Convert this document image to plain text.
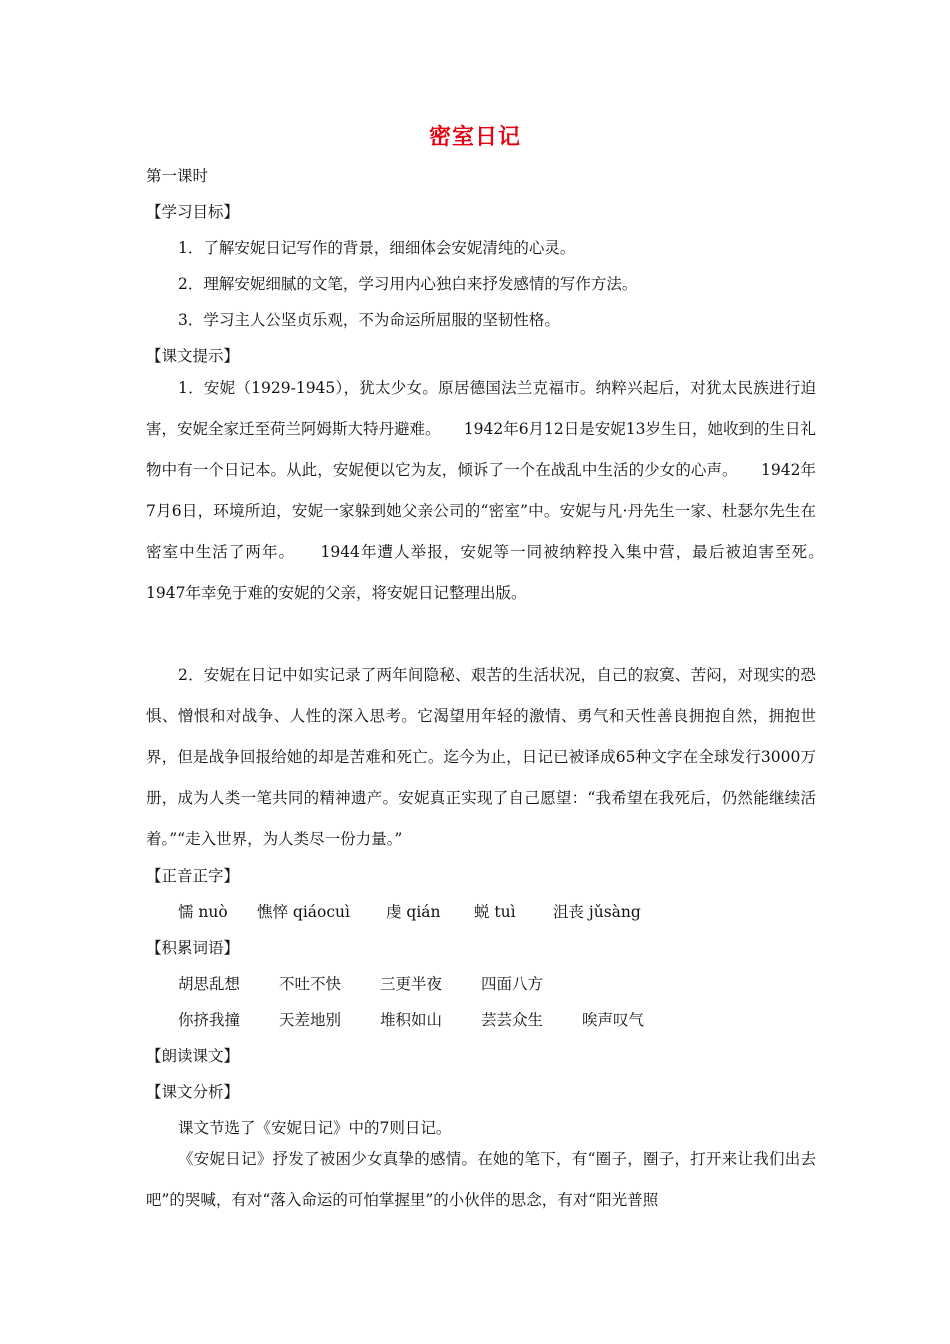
密室日记
第一课时
【学习目标】
1．了解安妮日记写作的背景，细细体会安妮清纯的心灵。
2．理解安妮细腻的文笔，学习用内心独白来抒发感情的写作方法。
3．学习主人公坚贞乐观，不为命运所屈服的坚韧性格。
【课文提示】
1．安妮（1929-1945），犹太少女。原居德国法兰克福市。纳粹兴起后，对犹太民族进行迫害，安妮全家迁至荷兰阿姆斯大特丹避难。　　1942年6月12日是安妮13岁生日，她收到的生日礼物中有一个日记本。从此，安妮便以它为友，倾诉了一个在战乱中生活的少女的心声。　　1942年7月6日，环境所迫，安妮一家躲到她父亲公司的“密室”中。安妮与凡·丹先生一家、杜瑟尔先生在密室中生活了两年。　　1944年遭人举报，安妮等一同被纳粹投入集中营，最后被迫害至死。　　1947年幸免于难的安妮的父亲，将安妮日记整理出版。
2．安妮在日记中如实记录了两年间隐秘、艰苦的生活状况，自己的寂寞、苦闷，对现实的恐惧、憎恨和对战争、人性的深入思考。它渴望用年轻的激情、勇气和天性善良拥抱自然，拥抱世界，但是战争回报给她的却是苦难和死亡。迄今为止，日记已被译成65种文字在全球发行3000万册，成为人类一笔共同的精神遗产。安妮真正实现了自己愿望：“我希望在我死后，仍然能继续活着。”“走入世界，为人类尽一份力量。”
【正音正字】
懦 nuò 憔悴 qiáocuì 虔 qián 蜕 tuì 沮丧 jǔsàng
【积累词语】
胡思乱想	不吐不快	三更半夜	四面八方
你挤我撞	天差地别	堆积如山	芸芸众生	唉声叹气
【朗读课文】
【课文分析】
课文节选了《安妮日记》中的7则日记。
《安妮日记》抒发了被困少女真挚的感情。在她的笔下，有“圈子，圈子，打开来让我们出去吧”的哭喊，有对“落入命运的可怕掌握里”的小伙伴的思念，有对“阳光普照
